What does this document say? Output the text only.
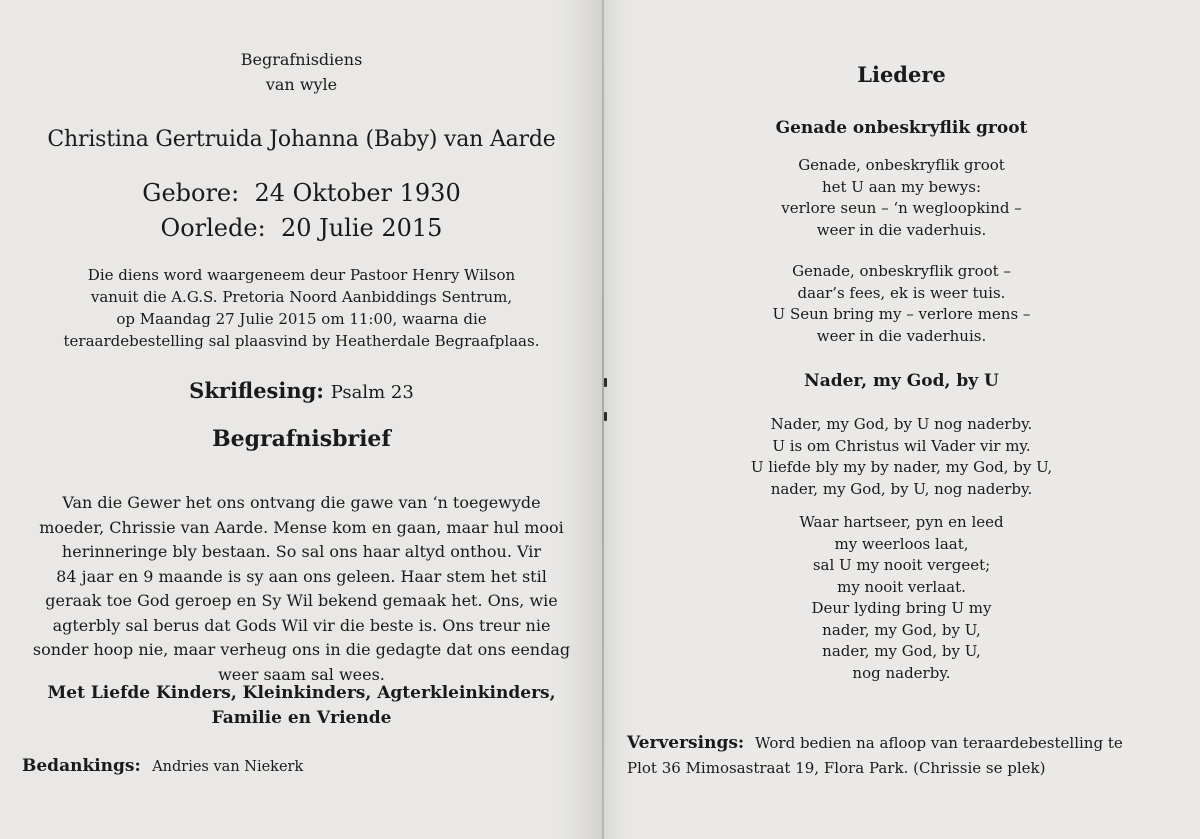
Begrafnisdiens
van wyle
Christina Gertruida Johanna (Baby) van Aarde
Gebore: 24 Oktober 1930
Oorlede: 20 Julie 2015
Die diens word waargeneem deur Pastoor Henry Wilson
vanuit die A.G.S. Pretoria Noord Aanbiddings Sentrum,
op Maandag 27 Julie 2015 om 11:00, waarna die
teraardebestelling sal plaasvind by Heatherdale Begraafplaas.
Skriflesing: Psalm 23
Begrafnisbrief
Van die Gewer het ons ontvang die gawe van ‘n toegewyde
moeder, Chrissie van Aarde. Mense kom en gaan, maar hul mooi
herinneringe bly bestaan. So sal ons haar altyd onthou. Vir
84 jaar en 9 maande is sy aan ons geleen. Haar stem het stil
geraak toe God geroep en Sy Wil bekend gemaak het. Ons, wie
agterbly sal berus dat Gods Wil vir die beste is. Ons treur nie
sonder hoop nie, maar verheug ons in die gedagte dat ons eendag
weer saam sal wees.
Met Liefde Kinders, Kleinkinders, Agterkleinkinders,
Familie en Vriende
Bedankings: Andries van Niekerk
Liedere
Genade onbeskryflik groot
Genade, onbeskryflik groot
het U aan my bewys:
verlore seun – ‘n wegloopkind –
weer in die vaderhuis.
Genade, onbeskryflik groot –
daar’s fees, ek is weer tuis.
U Seun bring my – verlore mens –
weer in die vaderhuis.
Nader, my God, by U
Nader, my God, by U nog naderby.
U is om Christus wil Vader vir my.
U liefde bly my by nader, my God, by U,
nader, my God, by U, nog naderby.
Waar hartseer, pyn en leed
my weerloos laat,
sal U my nooit vergeet;
my nooit verlaat.
Deur lyding bring U my
nader, my God, by U,
nader, my God, by U,
nog naderby.
Verversings: Word bedien na afloop van teraardebestelling te
Plot 36 Mimosastraat 19, Flora Park. (Chrissie se plek)
